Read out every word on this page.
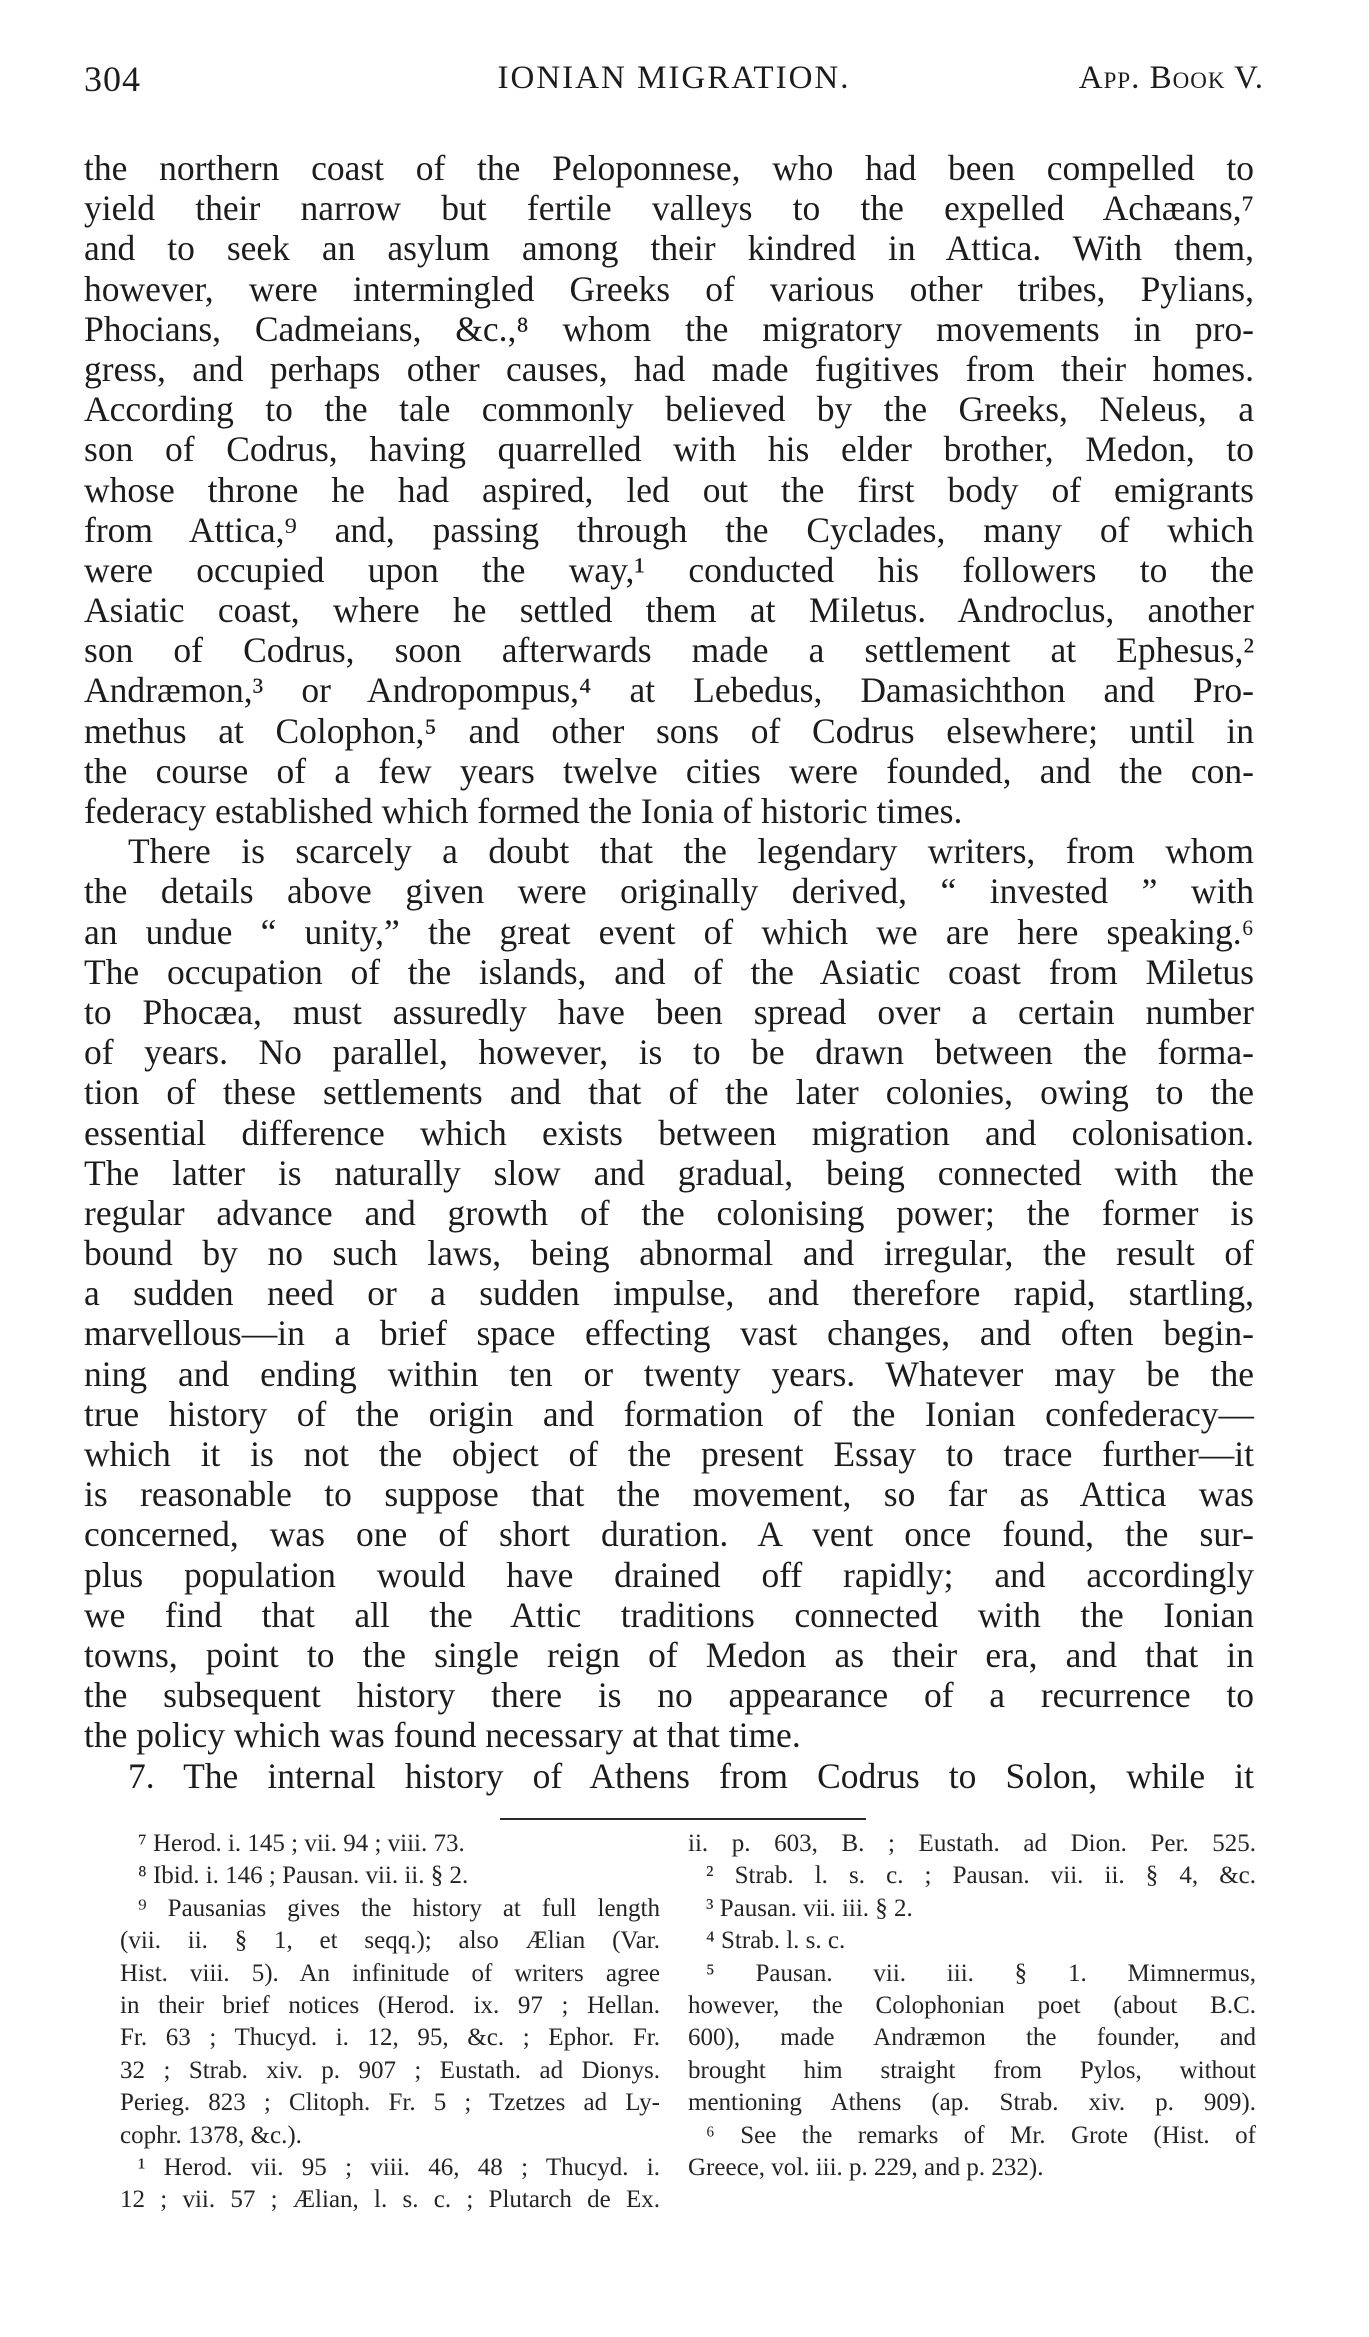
304	IONIAN MIGRATION.	App. Book V.
the northern coast of the Peloponnese, who had been compelled to
yield their narrow but fertile valleys to the expelled Achæans,⁷
and to seek an asylum among their kindred in Attica. With them,
however, were intermingled Greeks of various other tribes, Pylians,
Phocians, Cadmeians, &c.,⁸ whom the migratory movements in pro-
gress, and perhaps other causes, had made fugitives from their homes.
According to the tale commonly believed by the Greeks, Neleus, a
son of Codrus, having quarrelled with his elder brother, Medon, to
whose throne he had aspired, led out the first body of emigrants
from Attica,⁹ and, passing through the Cyclades, many of which
were occupied upon the way,¹ conducted his followers to the
Asiatic coast, where he settled them at Miletus. Androclus, another
son of Codrus, soon afterwards made a settlement at Ephesus,²
Andræmon,³ or Andropompus,⁴ at Lebedus, Damasichthon and Pro-
methus at Colophon,⁵ and other sons of Codrus elsewhere; until in
the course of a few years twelve cities were founded, and the con-
federacy established which formed the Ionia of historic times.
There is scarcely a doubt that the legendary writers, from whom
the details above given were originally derived, “ invested ” with
an undue “ unity,” the great event of which we are here speaking.⁶
The occupation of the islands, and of the Asiatic coast from Miletus
to Phocæa, must assuredly have been spread over a certain number
of years. No parallel, however, is to be drawn between the forma-
tion of these settlements and that of the later colonies, owing to the
essential difference which exists between migration and colonisation.
The latter is naturally slow and gradual, being connected with the
regular advance and growth of the colonising power; the former is
bound by no such laws, being abnormal and irregular, the result of
a sudden need or a sudden impulse, and therefore rapid, startling,
marvellous—in a brief space effecting vast changes, and often begin-
ning and ending within ten or twenty years. Whatever may be the
true history of the origin and formation of the Ionian confederacy—
which it is not the object of the present Essay to trace further—it
is reasonable to suppose that the movement, so far as Attica was
concerned, was one of short duration. A vent once found, the sur-
plus population would have drained off rapidly; and accordingly
we find that all the Attic traditions connected with the Ionian
towns, point to the single reign of Medon as their era, and that in
the subsequent history there is no appearance of a recurrence to
the policy which was found necessary at that time.
7. The internal history of Athens from Codrus to Solon, while it
⁷ Herod. i. 145 ; vii. 94 ; viii. 73.
⁸ Ibid. i. 146 ; Pausan. vii. ii. § 2.
⁹ Pausanias gives the history at full length
(vii. ii. § 1, et seqq.); also Ælian (Var.
Hist. viii. 5). An infinitude of writers agree
in their brief notices (Herod. ix. 97 ; Hellan.
Fr. 63 ; Thucyd. i. 12, 95, &c. ; Ephor. Fr.
32 ; Strab. xiv. p. 907 ; Eustath. ad Dionys.
Perieg. 823 ; Clitoph. Fr. 5 ; Tzetzes ad Ly-
cophr. 1378, &c.).
¹ Herod. vii. 95 ; viii. 46, 48 ; Thucyd. i.
12 ; vii. 57 ; Ælian, l. s. c. ; Plutarch de Ex.
ii. p. 603, B. ; Eustath. ad Dion. Per. 525.
² Strab. l. s. c. ; Pausan. vii. ii. § 4, &c.
³ Pausan. vii. iii. § 2.
⁴ Strab. l. s. c.
⁵ Pausan. vii. iii. § 1. Mimnermus,
however, the Colophonian poet (about B.C.
600), made Andræmon the founder, and
brought him straight from Pylos, without
mentioning Athens (ap. Strab. xiv. p. 909).
⁶ See the remarks of Mr. Grote (Hist. of
Greece, vol. iii. p. 229, and p. 232).
